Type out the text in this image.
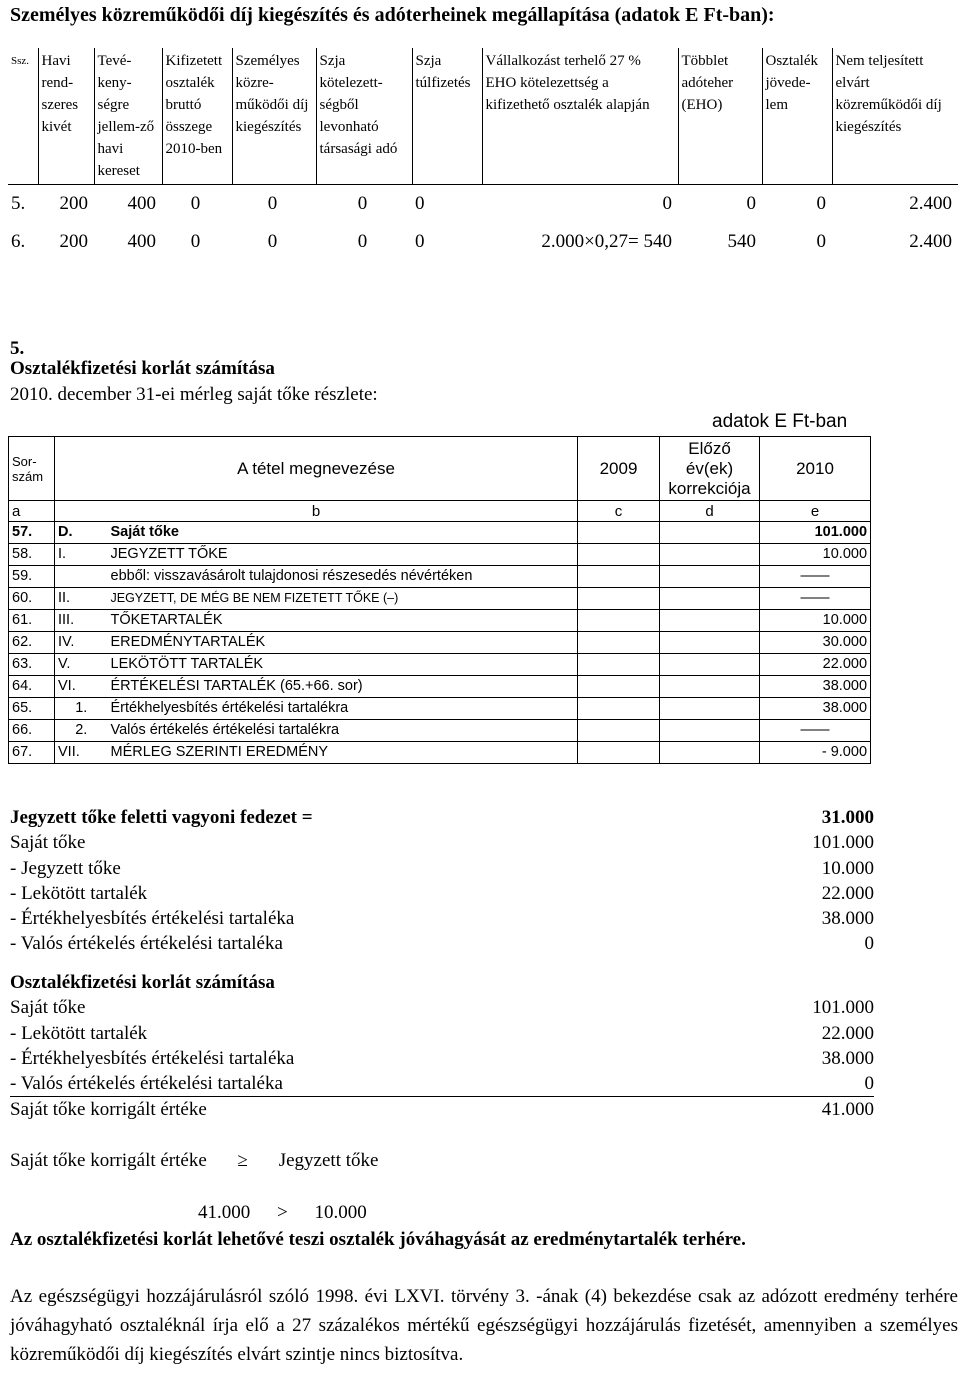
Személyes közreműködői díj kiegészítés és adóterheinek megállapítása (adatok E Ft-ban):
Ssz.	Havi rend-szeres kivét	Tevé-keny-ségre jellem-ző havi kereset	Kifizetett osztalék bruttó összege 2010-ben	Személyes közre-működői díj kiegészítés	Szja kötelezett-ségből levonható társasági adó	Szja túlfizetés	Vállalkozást terhelő 27 % EHO kötelezettség a kifizethető osztalék alapján	Többlet adóteher (EHO)	Osztalék jövede-lem	Nem teljesített elvárt közreműködői díj kiegészítés
5.	200	400	0	0	0	0	0	0	0	2.400
6.	200	400	0	0	0	0	2.000×0,27= 540	540	0	2.400
5.
Osztalékfizetési korlát számítása
2010. december 31-ei mérleg saját tőke részlete:
adatok E Ft-ban
Sor-szám	A tétel megnevezése		2009	Előző év(ek) korrekciója	2010
a	b		c	d	e
57.	D.	Saját tőke			101.000
58.	I.	JEGYZETT TŐKE			10.000
59.		ebből: visszavásárolt tulajdonosi részesedés névértéken			——
60.	II.	JEGYZETT, DE MÉG BE NEM FIZETETT TŐKE (–)			——
61.	III.	TŐKETARTALÉK			10.000
62.	IV.	EREDMÉNYTARTALÉK			30.000
63.	V.	LEKÖTÖTT TARTALÉK			22.000
64.	VI.	ÉRTÉKELÉSI TARTALÉK (65.+66. sor)			38.000
65.	1.	Értékhelyesbítés értékelési tartalékra			38.000
66.	2.	Valós értékelés értékelési tartalékra			——
67.	VII.	MÉRLEG SZERINTI EREDMÉNY			- 9.000
Jegyzett tőke feletti vagyoni fedezet =	31.000
Saját tőke	101.000
- Jegyzett tőke	10.000
- Lekötött tartalék	22.000
- Értékhelyesbítés értékelési tartaléka	38.000
- Valós értékelés értékelési tartaléka	0
Osztalékfizetési korlát számítása
Saját tőke	101.000
- Lekötött tartalék	22.000
- Értékhelyesbítés értékelési tartaléka	38.000
- Valós értékelés értékelési tartaléka	0
Saját tőke korrigált értéke	41.000
Saját tőke korrigált értéke ≥ Jegyzett tőke
41.000 > 10.000
Az osztalékfizetési korlát lehetővé teszi osztalék jóváhagyását az eredménytartalék terhére.
Az egészségügyi hozzájárulásról szóló 1998. évi LXVI. törvény 3. -ának (4) bekezdése csak az adózott eredmény terhére jóváhagyható osztaléknál írja elő a 27 százalékos mértékű egészségügyi hozzájárulás fizetését, amennyiben a személyes közreműködői díj kiegészítés elvárt szintje nincs biztosítva.
